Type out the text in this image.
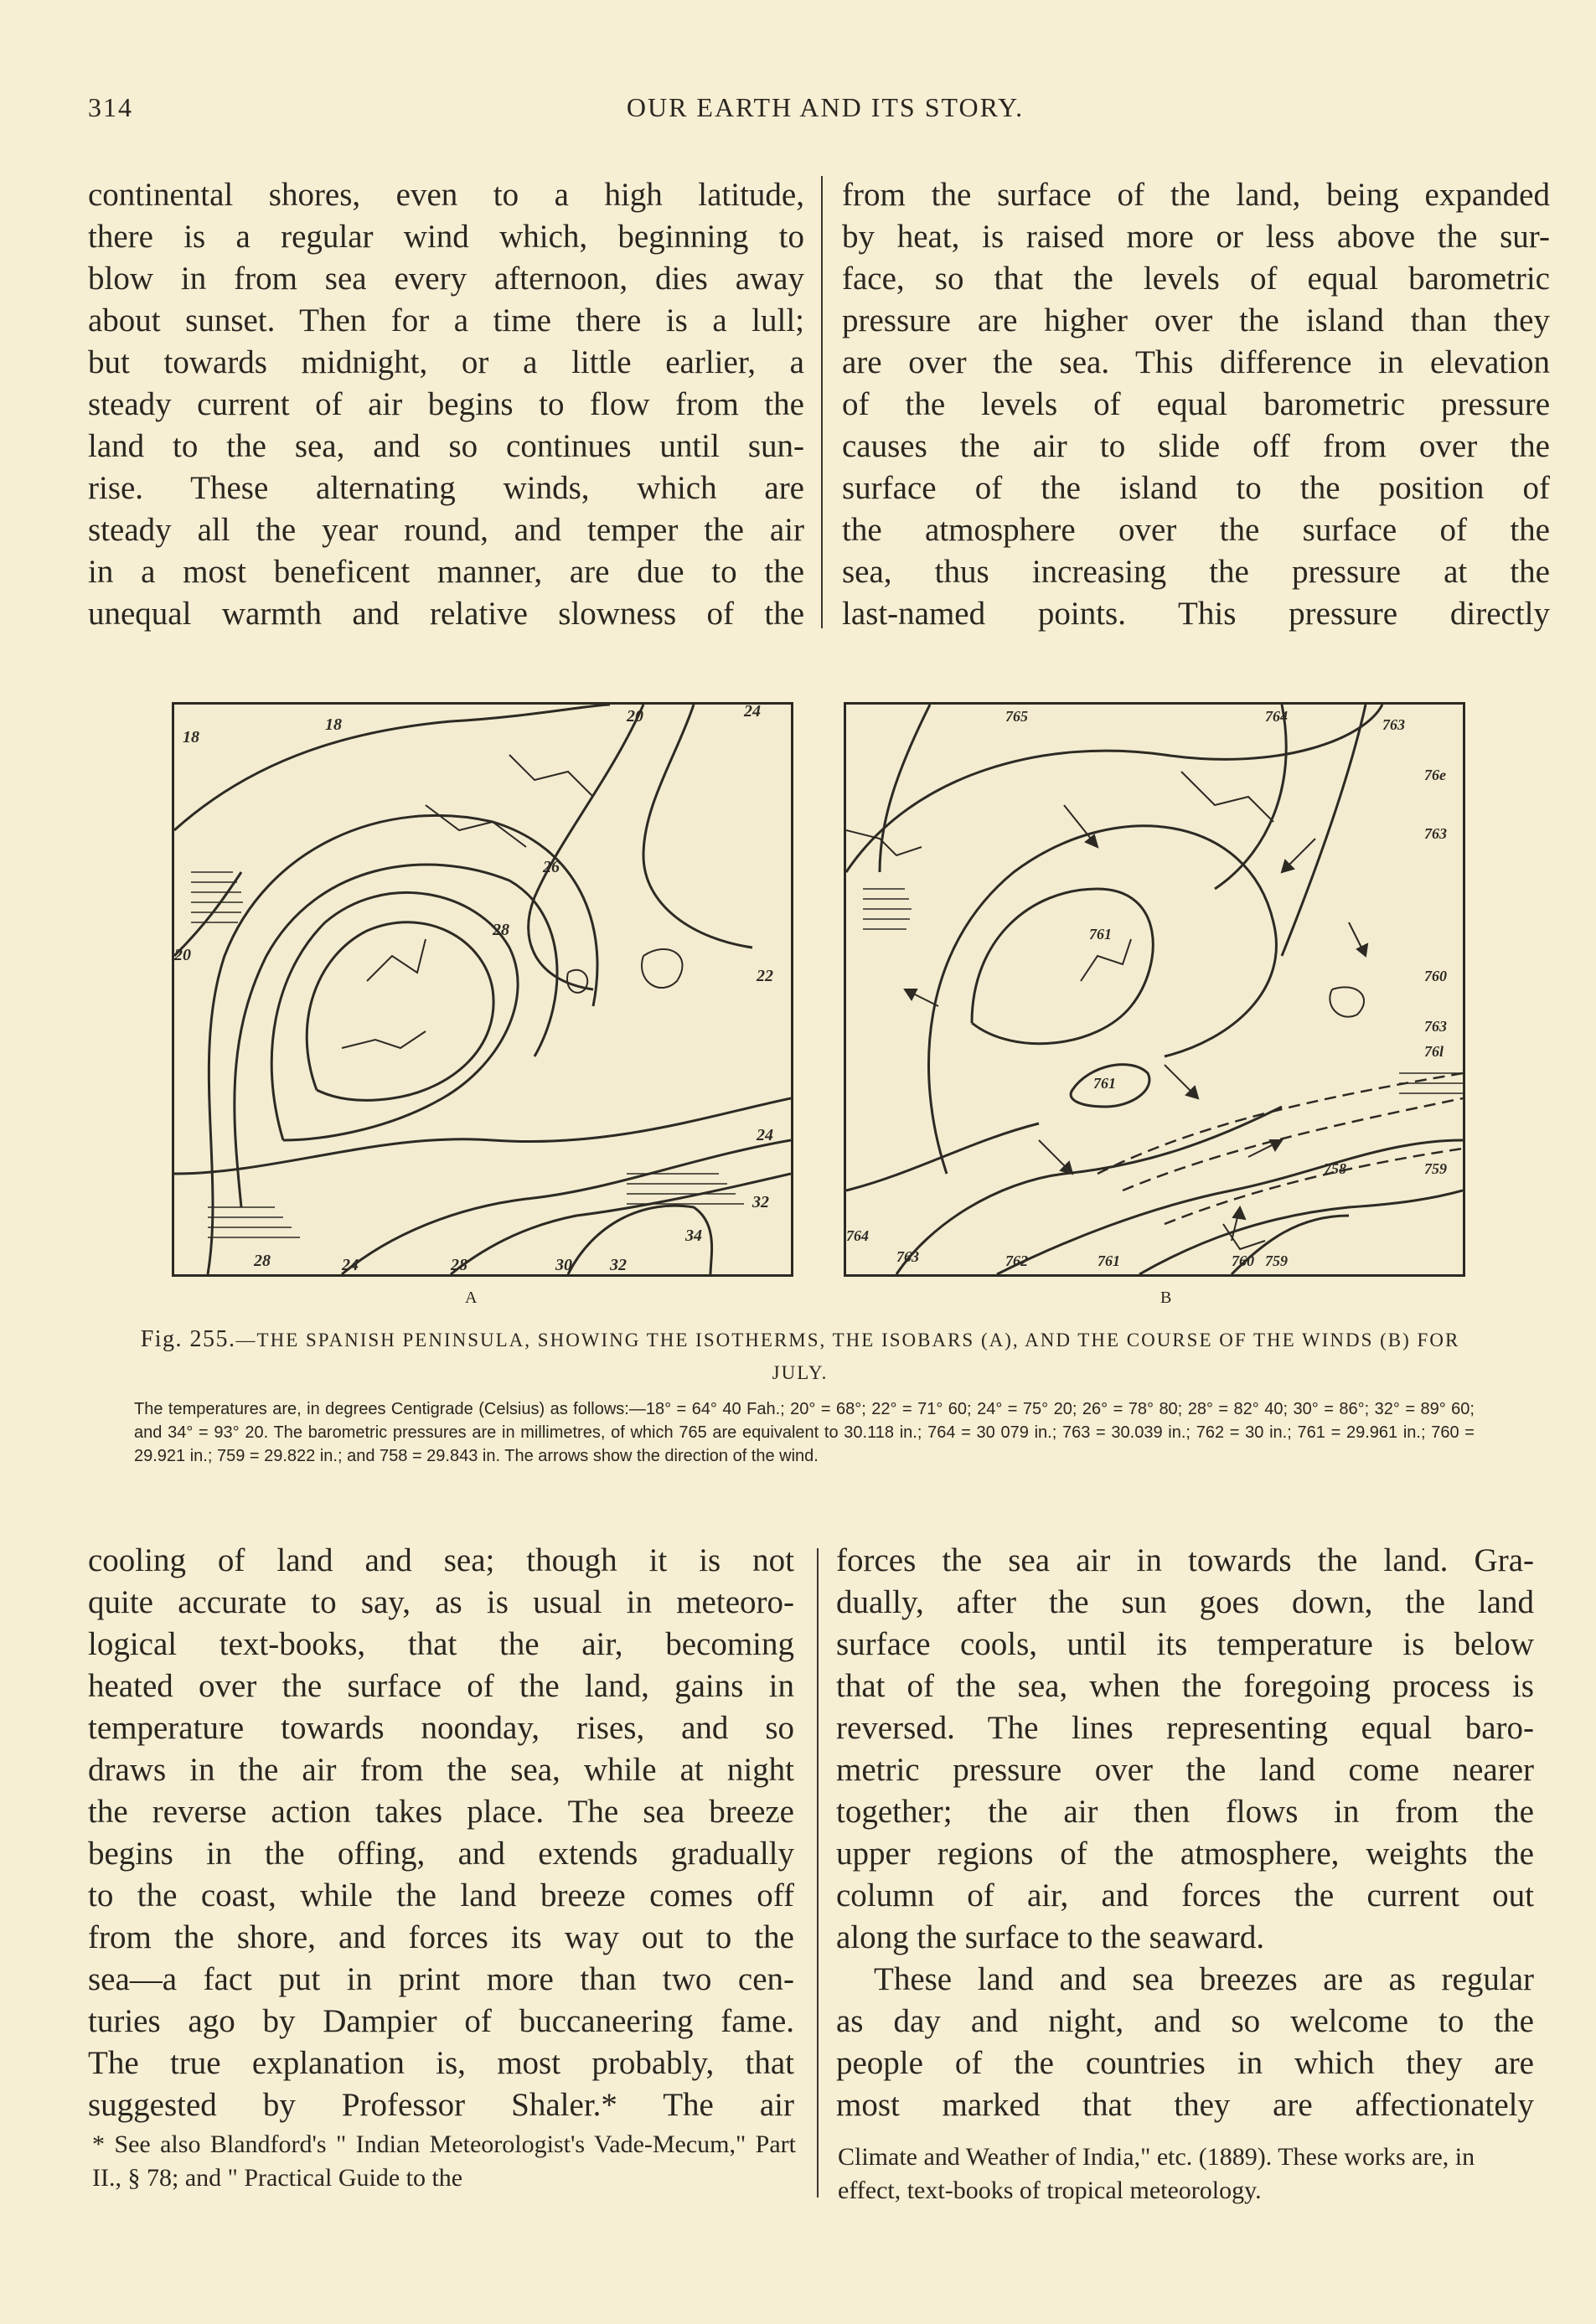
314	OUR EARTH AND ITS STORY.
continental shores, even to a high latitude,
there is a regular wind which, beginning to
blow in from sea every afternoon, dies away
about sunset. Then for a time there is a lull;
but towards midnight, or a little earlier, a
steady current of air begins to flow from the
land to the sea, and so continues until sun-
rise. These alternating winds, which are
steady all the year round, and temper the air
in a most beneficent manner, are due to the
unequal warmth and relative slowness of the
from the surface of the land, being expanded
by heat, is raised more or less above the sur-
face, so that the levels of equal barometric
pressure are higher over the island than they
are over the sea. This difference in elevation
of the levels of equal barometric pressure
causes the air to slide off from over the
surface of the island to the position of
the atmosphere over the surface of the
sea, thus increasing the pressure at the
last-named points. This pressure directly
18
18
20
24
26
28
22
20
24
32
34
28	24	28	30 32
765	764	763
763
76e
761
761
760
76l
763
758	759
764
763	762	761	760 759
A	B
Fig. 255.—THE SPANISH PENINSULA, SHOWING THE ISOTHERMS, THE ISOBARS (A), AND THE COURSE OF THE WINDS (B) FOR JULY.
The temperatures are, in degrees Centigrade (Celsius) as follows:—18° = 64° 40 Fah.; 20° = 68°; 22° = 71° 60; 24° = 75° 20; 26° = 78° 80; 28° = 82° 40; 30° = 86°; 32° = 89° 60; and 34° = 93° 20. The barometric pressures are in millimetres, of which 765 are equivalent to 30.118 in.; 764 = 30 079 in.; 763 = 30.039 in.; 762 = 30 in.; 761 = 29.961 in.; 760 = 29.921 in.; 759 = 29.822 in.; and 758 = 29.843 in. The arrows show the direction of the wind.
cooling of land and sea; though it is not
quite accurate to say, as is usual in meteoro-
logical text-books, that the air, becoming
heated over the surface of the land, gains in
temperature towards noonday, rises, and so
draws in the air from the sea, while at night
the reverse action takes place. The sea breeze
begins in the offing, and extends gradually
to the coast, while the land breeze comes off
from the shore, and forces its way out to the
sea—a fact put in print more than two cen-
turies ago by Dampier of buccaneering fame.
The true explanation is, most probably, that
suggested by Professor Shaler.* The air
forces the sea air in towards the land. Gra-
dually, after the sun goes down, the land
surface cools, until its temperature is below
that of the sea, when the foregoing process is
reversed. The lines representing equal baro-
metric pressure over the land come nearer
together; the air then flows in from the
upper regions of the atmosphere, weights the
column of air, and forces the current out
along the surface to the seaward.
These land and sea breezes are as regular
as day and night, and so welcome to the
people of the countries in which they are
most marked that they are affectionately
* See also Blandford's " Indian Meteorologist's Vade-Mecum," Part II., § 78; and " Practical Guide to the
Climate and Weather of India," etc. (1889). These works are, in effect, text-books of tropical meteorology.
